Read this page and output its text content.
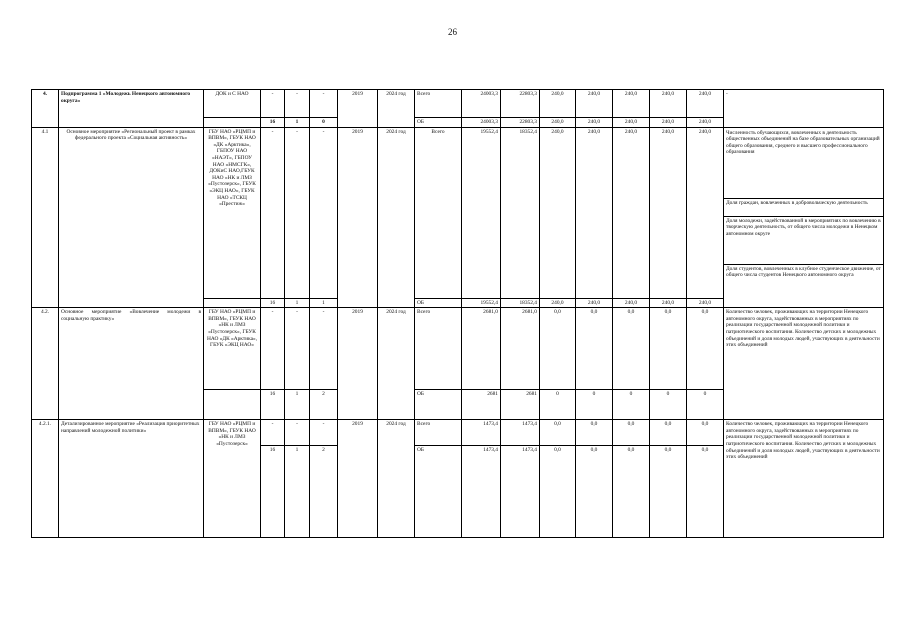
26
4.	Подпрограмма 1 «Молодежь Ненецкого автономного округа»	ДОК и С НАО	-	-	-	2019	2024 год	Всего	24003,3	22803,3	240,0	240,0	240,0	240,0	240,0	-
			16	1	0			ОБ	24003,3	22803,3	240,0	240,0	240,0	240,0	240,0	
4.1	Основное мероприятие «Региональный проект в рамках федерального проекта «Социальная активность»	ГБУ НАО «РЦМП и ВПВМ», ГБУК НАО «ДК «Арктика», ГБПОУ НАО «НАЭТ», ГБПОУ НАО «НМСГК», ДОКиС НАО,ГБУК НАО «НК и ЛМЗ «Пустозерск», ГБУК «ЭКЦ НАО», ГБУК НАО «ТСКЦ «Престиж»	-	-	-	2019	2024 год	Всего	19552,4	18352,4	240,0	240,0	240,0	240,0	240,0	Численность обучающихся, вовлеченных в деятельность общественных объединений на базе образовательных организаций общего образования, среднего и высшего профессионального образования
Доля граждан, вовлеченных в добровольческую деятельность
Доля молодежи, задействованной в мероприятиях по вовлечению в творческую деятельность, от общего числа молодежи в Ненецком автономном округе
Доля студентов, вовлеченных в клубное студенческое движение, от общего числа студентов Ненецкого автономного округа

			16	1	1			ОБ	19552,4	18352,4	240,0	240,0	240,0	240,0	240,0	
4.2.	Основное мероприятие «Вовлечение молодежи в социальную практику»	ГБУ НАО «РЦМП и ВПВМ», ГБУК НАО «НК и ЛМЗ «Пустозерск», ГБУК НАО «ДК «Арктика», ГБУК «ЭКЦ НАО»	-	-	-	2019	2024 год	Всего	2681,0	2681,0	0,0	0,0	0,0	0,0	0,0	Количество человек, проживающих на территории Ненецкого автономного округа, задействованных в мероприятиях по реализации государственной молодежной политики и патриотического воспитания. Количество детских и молодежных объединений и доля молодых людей, участвующих в деятельности этих объединений
			16	1	2			ОБ	2681	2681	0	0	0	0	0	
4.2.1.	Детализированное мероприятие «Реализация приоритетных направлений молодежной политики»	ГБУ НАО «РЦМП и ВПВМ», ГБУК НАО «НК и ЛМЗ «Пустозерск»	-	-	-	2019	2024 год	Всего	1473,4	1473,4	0,0	0,0	0,0	0,0	0,0	Количество человек, проживающих на территории Ненецкого автономного округа, задействованных в мероприятиях по реализации государственной молодежной политики и патриотического воспитания. Количество детских и молодежных объединений и доля молодых людей, участвующих в деятельности этих объединений
			16	1	2			ОБ	1473,4	1473,4	0,0	0,0	0,0	0,0	0,0	
